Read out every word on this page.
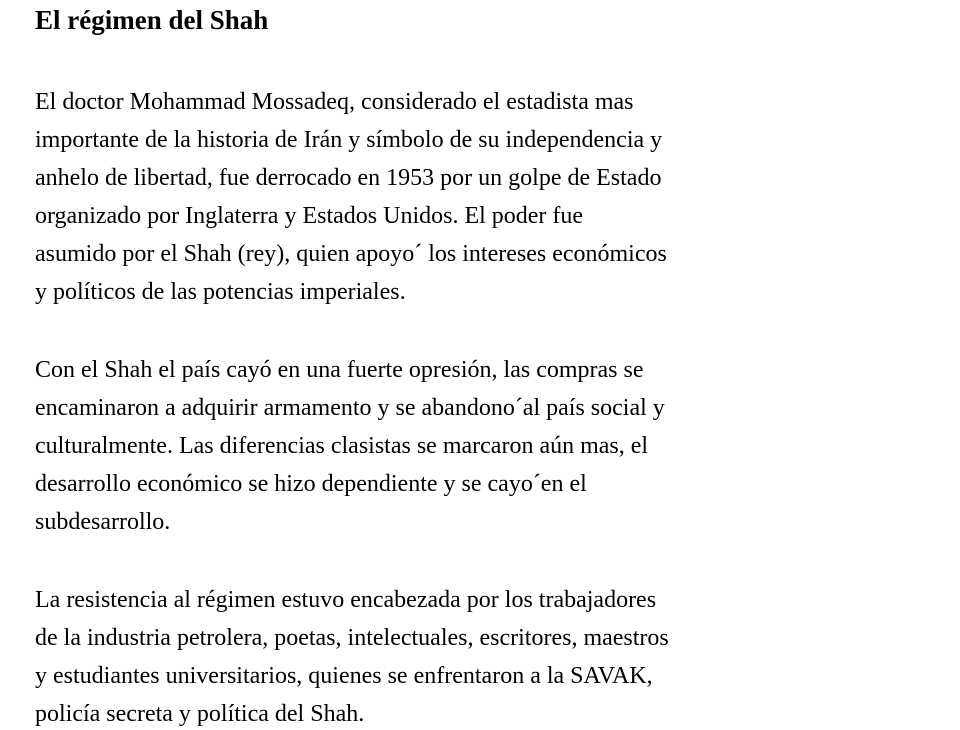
El régimen del Shah
El doctor Mohammad Mossadeq, considerado el estadista mas
importante de la historia de Irán y símbolo de su independencia y
anhelo de libertad, fue derrocado en 1953 por un golpe de Estado
organizado por Inglaterra y Estados Unidos. El poder fue
asumido por el Shah (rey), quien apoyo´ los intereses económicos
y políticos de las potencias imperiales.
Con el Shah el país cayó en una fuerte opresión, las compras se
encaminaron a adquirir armamento y se abandono´al país social y
culturalmente. Las diferencias clasistas se marcaron aún mas, el
desarrollo económico se hizo dependiente y se cayo´en el
subdesarrollo.
La resistencia al régimen estuvo encabezada por los trabajadores
de la industria petrolera, poetas, intelectuales, escritores, maestros
y estudiantes universitarios, quienes se enfrentaron a la SAVAK,
policía secreta y política del Shah.
